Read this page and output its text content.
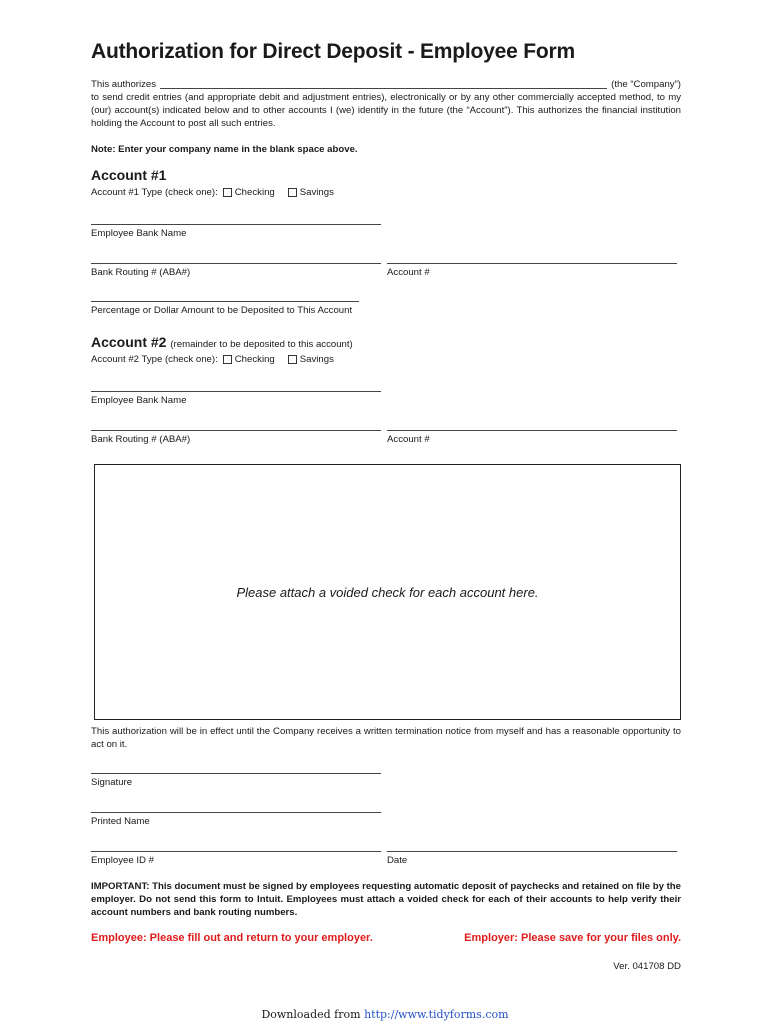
Authorization for Direct Deposit - Employee Form
This authorizes	(the “Company”)
to send credit entries (and appropriate debit and adjustment entries), electronically or by any other commercially accepted method, to my (our) account(s) indicated below and to other accounts I (we) identify in the future (the “Account”). This authorizes the financial institution holding the Account to post all such entries.
Note: Enter your company name in the blank space above.
Account #1
Account #1 Type (check one): Checking	Savings
Employee Bank Name
Bank Routing # (ABA#)	Account #
Percentage or Dollar Amount to be Deposited to This Account
Account #2 (remainder to be deposited to this account)
Account #2 Type (check one): Checking	Savings
Employee Bank Name
Bank Routing # (ABA#)	Account #
Please attach a voided check for each account here.
This authorization will be in effect until the Company receives a written termination notice from myself and has a reasonable opportunity to act on it.
Signature
Printed Name
Employee ID #	Date
IMPORTANT: This document must be signed by employees requesting automatic deposit of paychecks and retained on file by the employer. Do not send this form to Intuit. Employees must attach a voided check for each of their accounts to help verify their account numbers and bank routing numbers.
Employee: Please fill out and return to your employer.	Employer: Please save for your files only.
Ver. 041708 DD
Downloaded from http://www.tidyforms.com
